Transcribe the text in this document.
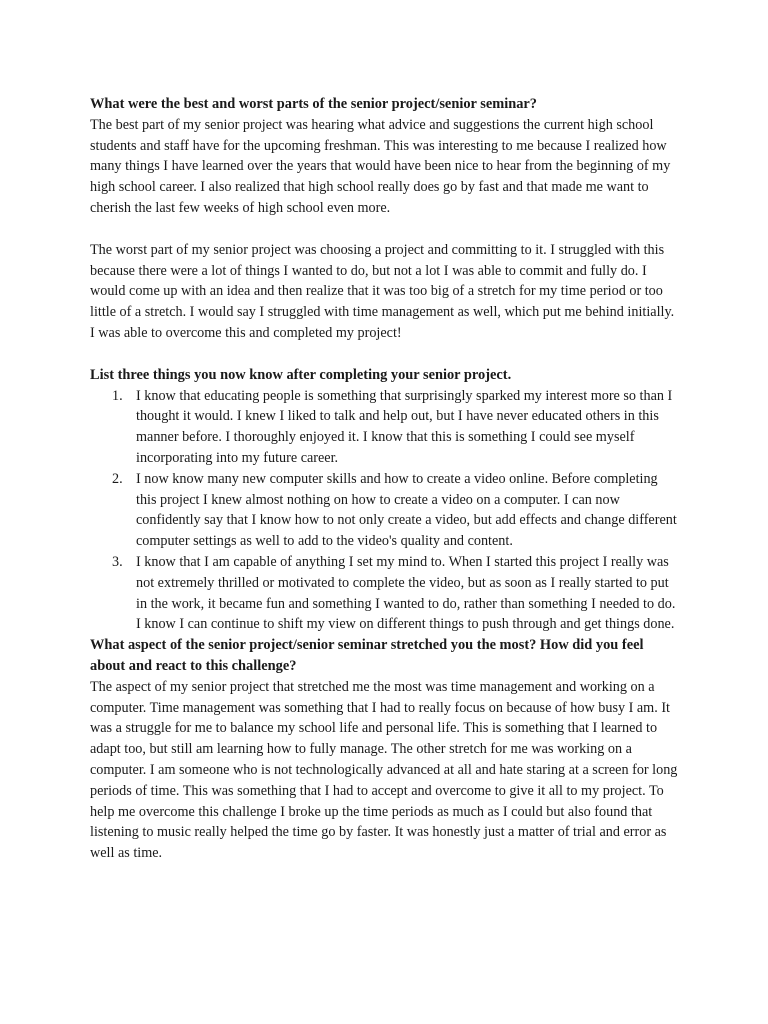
What were the best and worst parts of the senior project/senior seminar?

The best part of my senior project was hearing what advice and suggestions the current high school students and staff have for the upcoming freshman. This was interesting to me because I realized how many things I have learned over the years that would have been nice to hear from the beginning of my high school career. I also realized that high school really does go by fast and that made me want to cherish the last few weeks of high school even more.

The worst part of my senior project was choosing a project and committing to it. I struggled with this because there were a lot of things I wanted to do, but not a lot I was able to commit and fully do. I would come up with an idea and then realize that it was too big of a stretch for my time period or too little of a stretch. I would say I struggled with time management as well, which put me behind initially. I was able to overcome this and completed my project!

List three things you now know after completing your senior project.

1. I know that educating people is something that surprisingly sparked my interest more so than I thought it would. I knew I liked to talk and help out, but I have never educated others in this manner before. I thoroughly enjoyed it. I know that this is something I could see myself incorporating into my future career.
2. I now know many new computer skills and how to create a video online. Before completing this project I knew almost nothing on how to create a video on a computer. I can now confidently say that I know how to not only create a video, but add effects and change different computer settings as well to add to the video's quality and content.
3. I know that I am capable of anything I set my mind to. When I started this project I really was not extremely thrilled or motivated to complete the video, but as soon as I really started to put in the work, it became fun and something I wanted to do, rather than something I needed to do. I know I can continue to shift my view on different things to push through and get things done.

What aspect of the senior project/senior seminar stretched you the most? How did you feel about and react to this challenge?

The aspect of my senior project that stretched me the most was time management and working on a computer. Time management was something that I had to really focus on because of how busy I am. It was a struggle for me to balance my school life and personal life. This is something that I learned to adapt too, but still am learning how to fully manage. The other stretch for me was working on a computer. I am someone who is not technologically advanced at all and hate staring at a screen for long periods of time. This was something that I had to accept and overcome to give it all to my project. To help me overcome this challenge I broke up the time periods as much as I could but also found that listening to music really helped the time go by faster. It was honestly just a matter of trial and error as well as time.
